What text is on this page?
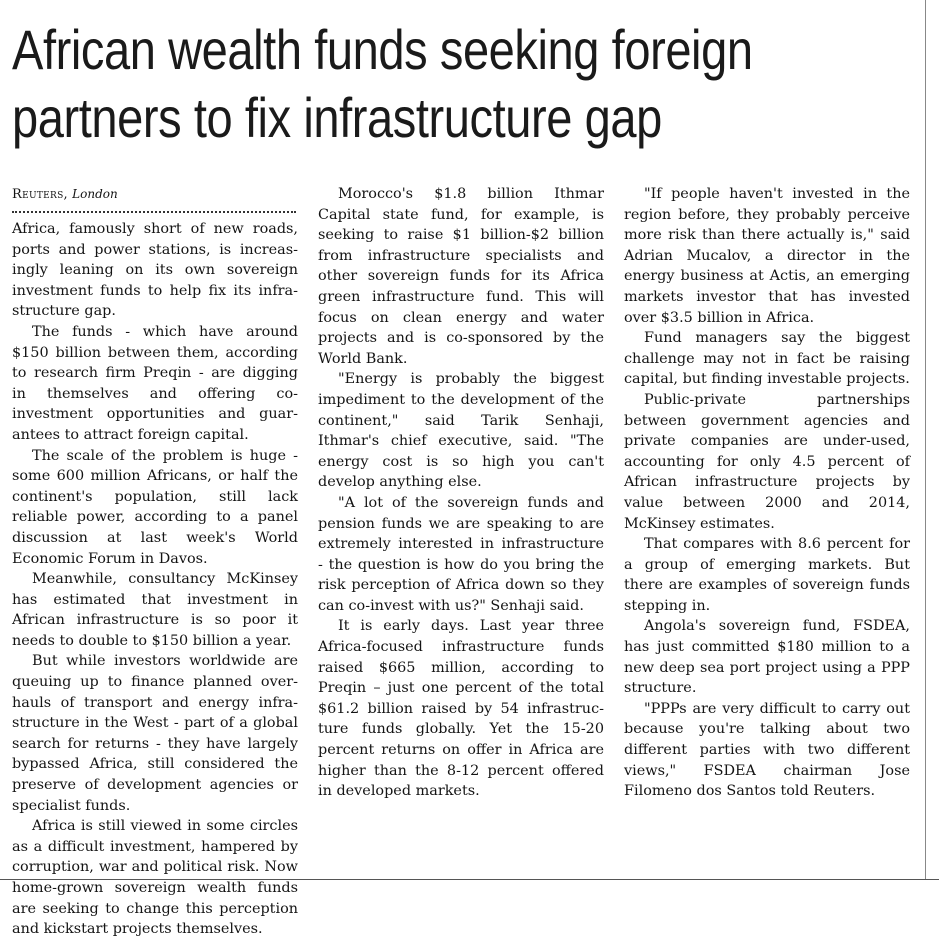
African wealth funds seeking foreign
partners to fix infrastructure gap

Reuters, London

Africa, famously short of new roads, ports and power stations, is increasingly leaning on its own sovereign investment funds to help fix its infrastructure gap.

The funds - which have around $150 billion between them, according to research firm Preqin - are digging in themselves and offering co-investment opportunities and guarantees to attract foreign capital.

The scale of the problem is huge - some 600 million Africans, or half the continent's population, still lack reliable power, according to a panel discussion at last week's World Economic Forum in Davos.

Meanwhile, consultancy McKinsey has estimated that investment in African infrastructure is so poor it needs to double to $150 billion a year.

But while investors worldwide are queuing up to finance planned overhauls of transport and energy infrastructure in the West - part of a global search for returns - they have largely bypassed Africa, still considered the preserve of development agencies or specialist funds.

Africa is still viewed in some circles as a difficult investment, hampered by corruption, war and political risk. Now home-grown sovereign wealth funds are seeking to change this perception and kickstart projects themselves.

Morocco's $1.8 billion Ithmar Capital state fund, for example, is seeking to raise $1 billion-$2 billion from infrastructure specialists and other sovereign funds for its Africa green infrastructure fund. This will focus on clean energy and water projects and is co-sponsored by the World Bank.

"Energy is probably the biggest impediment to the development of the continent," said Tarik Senhaji, Ithmar's chief executive, said. "The energy cost is so high you can't develop anything else.

"A lot of the sovereign funds and pension funds we are speaking to are extremely interested in infrastructure - the question is how do you bring the risk perception of Africa down so they can co-invest with us?" Senhaji said.

It is early days. Last year three Africa-focused infrastructure funds raised $665 million, according to Preqin – just one percent of the total $61.2 billion raised by 54 infrastructure funds globally. Yet the 15-20 percent returns on offer in Africa are higher than the 8-12 percent offered in developed markets.

"If people haven't invested in the region before, they probably perceive more risk than there actually is," said Adrian Mucalov, a director in the energy business at Actis, an emerging markets investor that has invested over $3.5 billion in Africa.

Fund managers say the biggest challenge may not in fact be raising capital, but finding investable projects.

Public-private partnerships between government agencies and private companies are under-used, accounting for only 4.5 percent of African infrastructure projects by value between 2000 and 2014, McKinsey estimates.

That compares with 8.6 percent for a group of emerging markets. But there are examples of sovereign funds stepping in.

Angola's sovereign fund, FSDEA, has just committed $180 million to a new deep sea port project using a PPP structure.

"PPPs are very difficult to carry out because you're talking about two different parties with two different views," FSDEA chairman Jose Filomeno dos Santos told Reuters.
